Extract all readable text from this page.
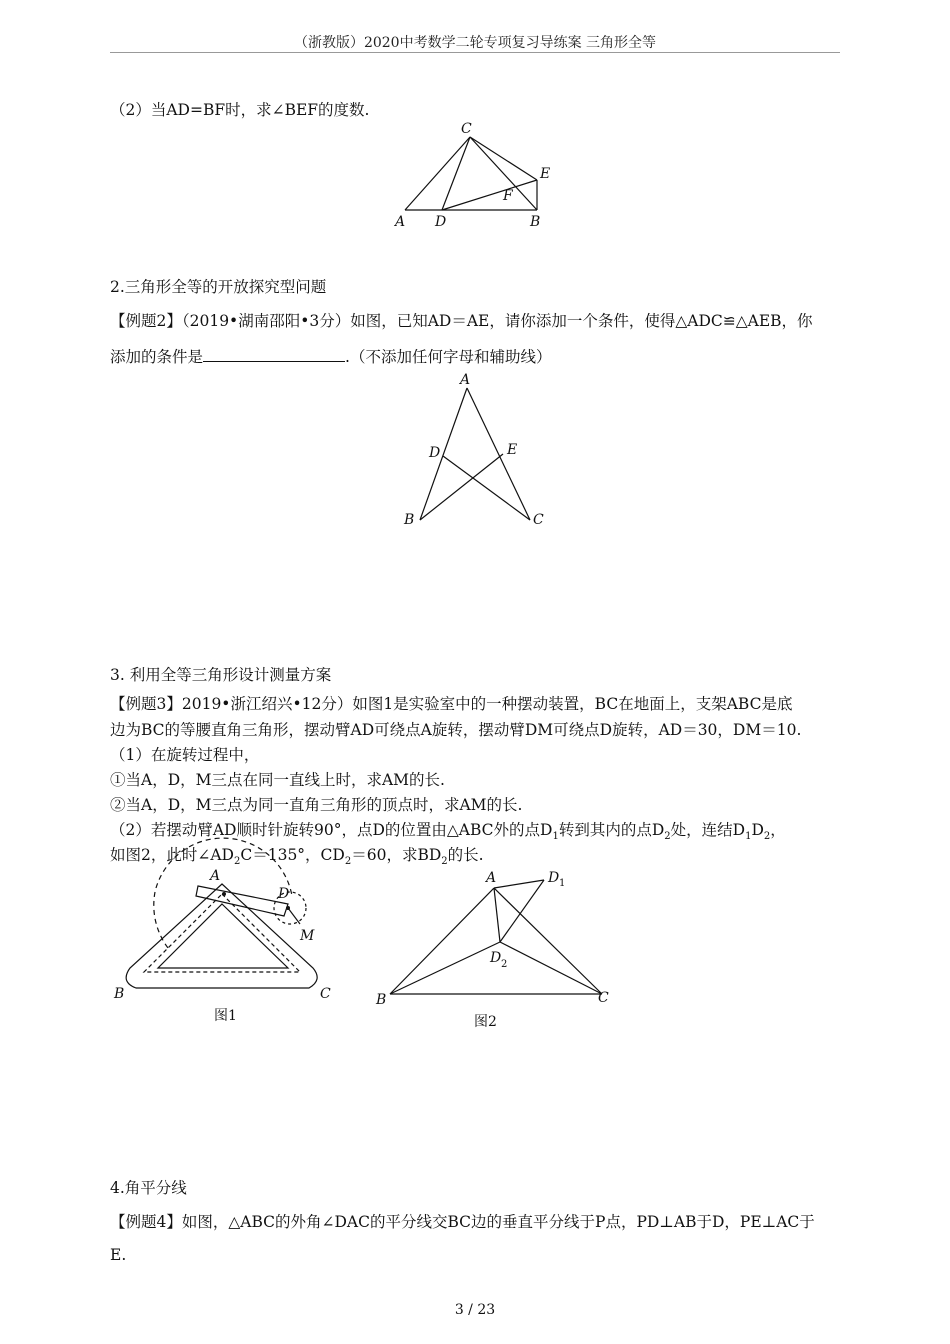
（浙教版）2020中考数学二轮专项复习导练案 三角形全等
（2）当AD=BF时，求∠BEF的度数.
C
E
F
A D	B
2.三角形全等的开放探究型问题
【例题2】（2019•湖南邵阳•3分）如图，已知AD＝AE，请你添加一个条件，使得△ADC≌△AEB，你
添加的条件是	.（不添加任何字母和辅助线）
A
D	E
B	C
3. 利用全等三角形设计测量方案
【例题3】2019•浙江绍兴•12分）如图1是实验室中的一种摆动装置，BC在地面上，支架ABC是底
边为BC的等腰直角三角形，摆动臂AD可绕点A旋转，摆动臂DM可绕点D旋转，AD＝30，DM＝10.
（1）在旋转过程中，
①当A，D，M三点在同一直线上时，求AM的长.
②当A，D，M三点为同一直角三角形的顶点时，求AM的长.
（2）若摆动臂AD顺时针旋转90°，点D的位置由△ABC外的点$D_1$转到其内的点$D_2$处，连结$D_1D_2$，
如图2，此时$\angle AD_2C=135^\circ$，$CD_2=60$，求$BD_2$的长.
A
D
M
B	C
图1
A	D 1
D 2
B	C
图2
4.角平分线
【例题4】如图，△ABC的外角∠DAC的平分线交BC边的垂直平分线于P点，PD⊥AB于D，PE⊥AC于
E.
3 / 23
